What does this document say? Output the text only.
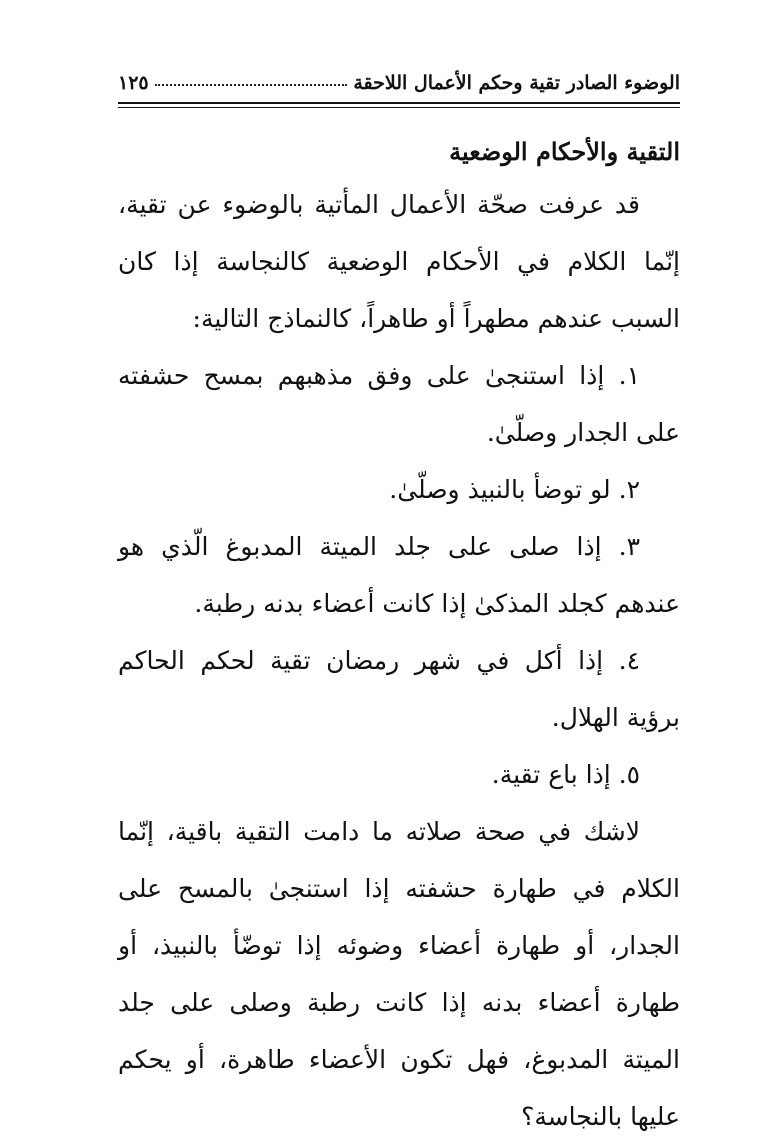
الوضوء الصادر تقية وحكم الأعمال اللاحقة
١٢٥
التقية والأحكام الوضعية

قد عرفت صحّة الأعمال المأتية بالوضوء عن تقية، إنّما الكلام في الأحكام الوضعية كالنجاسة إذا كان السبب عندهم مطهراً أو طاهراً، كالنماذج التالية:

١. إذا استنجىٰ على وفق مذهبهم بمسح حشفته على الجدار وصلّىٰ.

٢. لو توضأ بالنبيذ وصلّىٰ.

٣. إذا صلى على جلد الميتة المدبوغ الّذي هو عندهم كجلد المذكىٰ إذا كانت أعضاء بدنه رطبة.

٤. إذا أكل في شهر رمضان تقية لحكم الحاكم برؤية الهلال.

٥. إذا باع تقية.

لاشك في صحة صلاته ما دامت التقية باقية، إنّما الكلام في طهارة حشفته إذا استنجىٰ بالمسح على الجدار، أو طهارة أعضاء وضوئه إذا توضّأ بالنبيذ، أو طهارة أعضاء بدنه إذا كانت رطبة وصلى على جلد الميتة المدبوغ، فهل تكون الأعضاء طاهرة، أو يحكم عليها بالنجاسة؟
